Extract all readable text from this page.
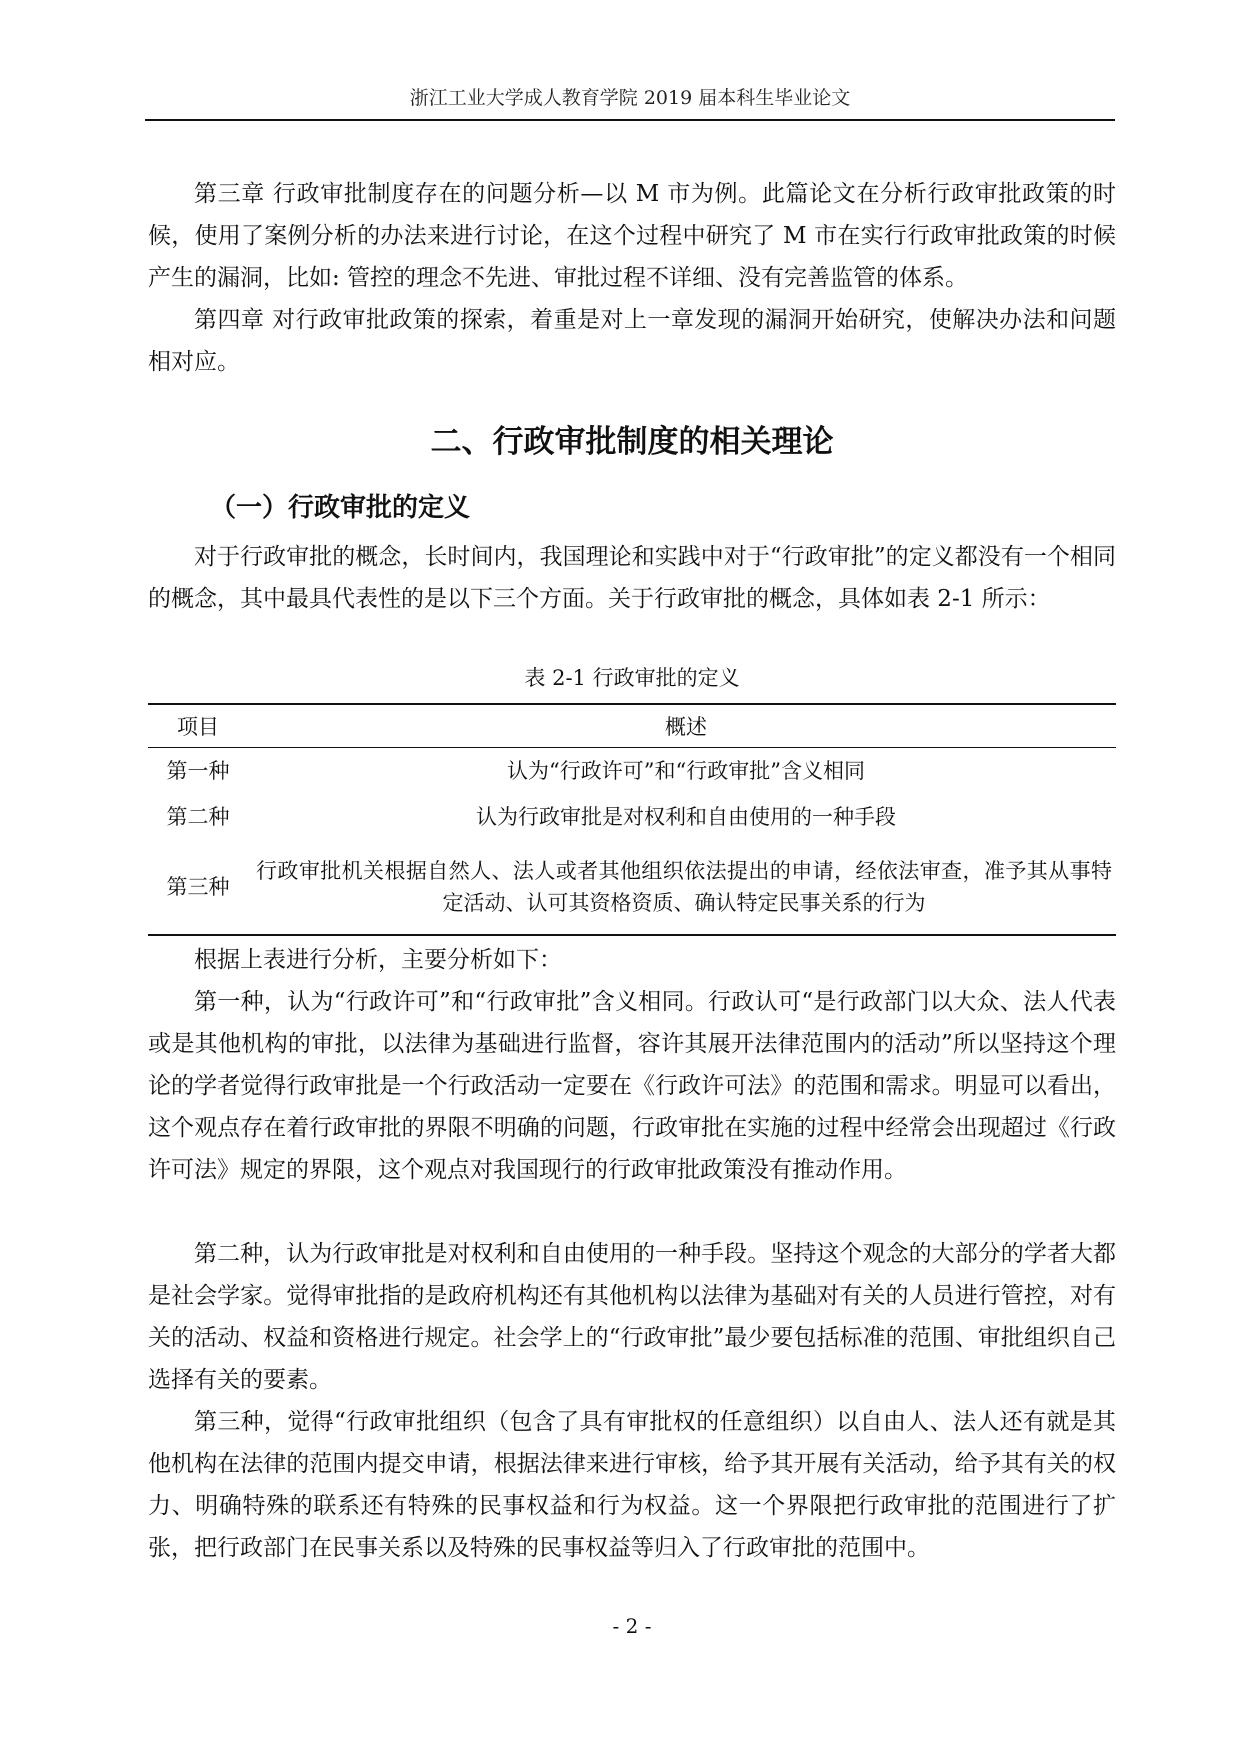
浙江工业大学成人教育学院 2019 届本科生毕业论文

第三章 行政审批制度存在的问题分析—以 M 市为例。此篇论文在分析行政审批政策的时候，使用了案例分析的办法来进行讨论，在这个过程中研究了 M 市在实行行政审批政策的时候产生的漏洞，比如: 管控的理念不先进、审批过程不详细、没有完善监管的体系。

第四章 对行政审批政策的探索，着重是对上一章发现的漏洞开始研究，使解决办法和问题相对应。

二、行政审批制度的相关理论
（一）行政审批的定义

对于行政审批的概念，长时间内，我国理论和实践中对于“行政审批”的定义都没有一个相同的概念，其中最具代表性的是以下三个方面。关于行政审批的概念，具体如表 2-1 所示：

表 2-1 行政审批的定义
项目	概述
第一种	认为“行政许可”和“行政审批”含义相同
第二种	认为行政审批是对权利和自由使用的一种手段
第三种	行政审批机关根据自然人、法人或者其他组织依法提出的申请，经依法审查，准予其从事特定活动、认可其资格资质、确认特定民事关系的行为

根据上表进行分析，主要分析如下：

第一种，认为“行政许可”和“行政审批”含义相同。行政认可“是行政部门以大众、法人代表或是其他机构的审批，以法律为基础进行监督，容许其展开法律范围内的活动”所以坚持这个理论的学者觉得行政审批是一个行政活动一定要在《行政许可法》的范围和需求。明显可以看出，这个观点存在着行政审批的界限不明确的问题，行政审批在实施的过程中经常会出现超过《行政许可法》规定的界限，这个观点对我国现行的行政审批政策没有推动作用。

第二种，认为行政审批是对权利和自由使用的一种手段。坚持这个观念的大部分的学者大都是社会学家。觉得审批指的是政府机构还有其他机构以法律为基础对有关的人员进行管控，对有关的活动、权益和资格进行规定。社会学上的“行政审批”最少要包括标准的范围、审批组织自己选择有关的要素。

第三种，觉得“行政审批组织（包含了具有审批权的任意组织）以自由人、法人还有就是其他机构在法律的范围内提交申请，根据法律来进行审核，给予其开展有关活动，给予其有关的权力、明确特殊的联系还有特殊的民事权益和行为权益。这一个界限把行政审批的范围进行了扩张，把行政部门在民事关系以及特殊的民事权益等归入了行政审批的范围中。

- 2 -
